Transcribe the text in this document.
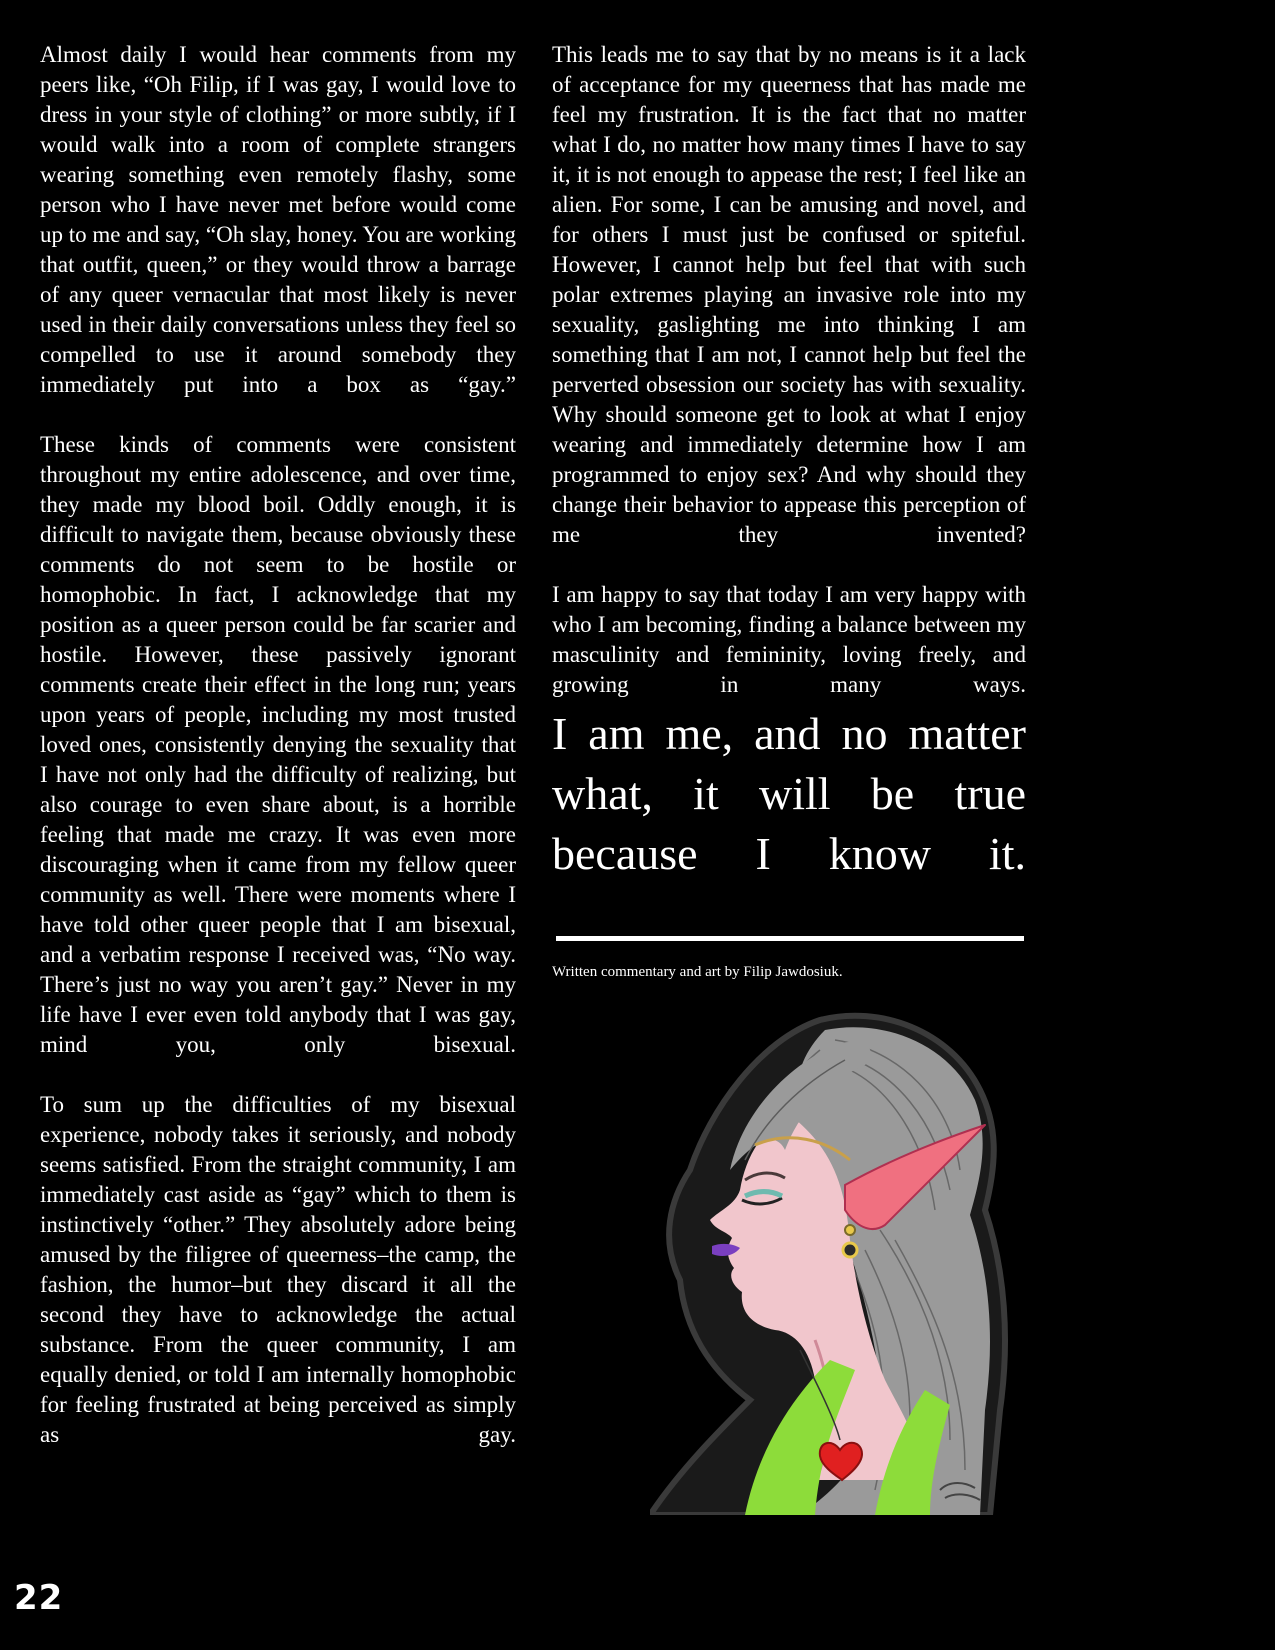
Almost daily I would hear comments from my peers like, “Oh Filip, if I was gay, I would love to dress in your style of clothing” or more subtly, if I would walk into a room of complete strangers wearing something even remotely flashy, some person who I have never met before would come up to me and say, “Oh slay, honey. You are working that outfit, queen,” or they would throw a barrage of any queer vernacular that most likely is never used in their daily conversations unless they feel so compelled to use it around somebody they immediately put into a box as “gay.”

These kinds of comments were consistent throughout my entire adolescence, and over time, they made my blood boil. Oddly enough, it is difficult to navigate them, because obviously these comments do not seem to be hostile or homophobic. In fact, I acknowledge that my position as a queer person could be far scarier and hostile. However, these passively ignorant comments create their effect in the long run; years upon years of people, including my most trusted loved ones, consistently denying the sexuality that I have not only had the difficulty of realizing, but also courage to even share about, is a horrible feeling that made me crazy. It was even more discouraging when it came from my fellow queer community as well. There were moments where I have told other queer people that I am bisexual, and a verbatim response I received was, “No way. There’s just no way you aren’t gay.” Never in my life have I ever even told anybody that I was gay, mind you, only bisexual.

To sum up the difficulties of my bisexual experience, nobody takes it seriously, and nobody seems satisfied. From the straight community, I am immediately cast aside as “gay” which to them is instinctively “other.” They absolutely adore being amused by the filigree of queerness–the camp, the fashion, the humor–but they discard it all the second they have to acknowledge the actual substance. From the queer community, I am equally denied, or told I am internally homophobic for feeling frustrated at being perceived as simply as gay.

This leads me to say that by no means is it a lack of acceptance for my queerness that has made me feel my frustration. It is the fact that no matter what I do, no matter how many times I have to say it, it is not enough to appease the rest; I feel like an alien. For some, I can be amusing and novel, and for others I must just be confused or spiteful. However, I cannot help but feel that with such polar extremes playing an invasive role into my sexuality, gaslighting me into thinking I am something that I am not, I cannot help but feel the perverted obsession our society has with sexuality. Why should someone get to look at what I enjoy wearing and immediately determine how I am programmed to enjoy sex? And why should they change their behavior to appease this perception of me they invented?

I am happy to say that today I am very happy with who I am becoming, finding a balance between my masculinity and femininity, loving freely, and growing in many ways.

I am me, and no matter what, it will be true because I know it.
Written commentary and art by Filip Jawdosiuk.
22
